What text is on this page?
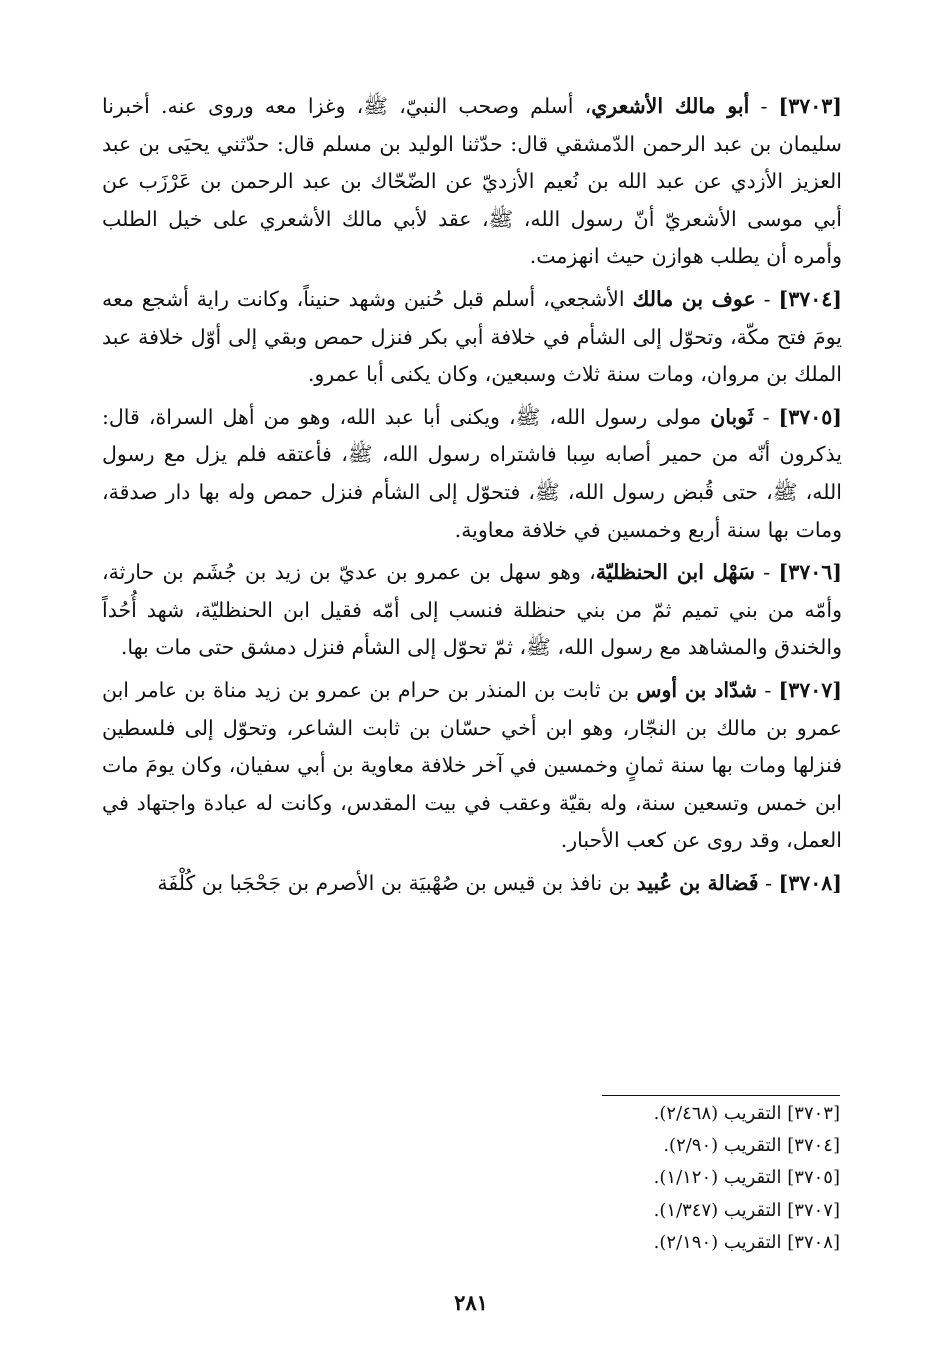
[٣٧٠٣] - أبو مالك الأشعري، أسلم وصحب النبيّ، ﷺ، وغزا معه وروى عنه. أخبرنا سليمان بن عبد الرحمن الدّمشقي قال: حدّثنا الوليد بن مسلم قال: حدّثني يحيَى بن عبد العزيز الأزدي عن عبد الله بن نُعيم الأزديّ عن الضّحّاك بن عبد الرحمن بن عَرْزَب عن أبي موسى الأشعريّ أنّ رسول الله، ﷺ، عقد لأبي مالك الأشعري على خيل الطلب وأمره أن يطلب هوازن حيث انهزمت.

[٣٧٠٤] - عوف بن مالك الأشجعي، أسلم قبل حُنين وشهد حنيناً، وكانت راية أشجع معه يومَ فتح مكّة، وتحوّل إلى الشأم في خلافة أبي بكر فنزل حمص وبقي إلى أوّل خلافة عبد الملك بن مروان، ومات سنة ثلاث وسبعين، وكان يكنى أبا عمرو.

[٣٧٠٥] - ثَوبان مولى رسول الله، ﷺ، ويكنى أبا عبد الله، وهو من أهل السراة، قال: يذكرون أنّه من حمير أصابه سِبا فاشتراه رسول الله، ﷺ، فأعتقه فلم يزل مع رسول الله، ﷺ، حتى قُبض رسول الله، ﷺ، فتحوّل إلى الشأم فنزل حمص وله بها دار صدقة، ومات بها سنة أربع وخمسين في خلافة معاوية.

[٣٧٠٦] - سَهْل ابن الحنظليّة، وهو سهل بن عمرو بن عديّ بن زيد بن جُشَم بن حارثة، وأمّه من بني تميم ثمّ من بني حنظلة فنسب إلى أمّه فقيل ابن الحنظليّة، شهد أُحُداً والخندق والمشاهد مع رسول الله، ﷺ، ثمّ تحوّل إلى الشأم فنزل دمشق حتى مات بها.

[٣٧٠٧] - شدّاد بن أوس بن ثابت بن المنذر بن حرام بن عمرو بن زيد مناة بن عامر ابن عمرو بن مالك بن النجّار، وهو ابن أخي حسّان بن ثابت الشاعر، وتحوّل إلى فلسطين فنزلها ومات بها سنة ثمانٍ وخمسين في آخر خلافة معاوية بن أبي سفيان، وكان يومَ مات ابن خمس وتسعين سنة، وله بقيّة وعقب في بيت المقدس، وكانت له عبادة واجتهاد في العمل، وقد روى عن كعب الأحبار.

[٣٧٠٨] - فَضالة بن عُبيد بن نافذ بن قيس بن صُهْبيَة بن الأصرم بن جَحْجَبا بن كُلْفَة

[٣٧٠٣] التقريب (٢/٤٦٨).

[٣٧٠٤] التقريب (٢/٩٠).

[٣٧٠٥] التقريب (١/١٢٠).

[٣٧٠٧] التقريب (١/٣٤٧).

[٣٧٠٨] التقريب (٢/١٩٠).

٢٨١
